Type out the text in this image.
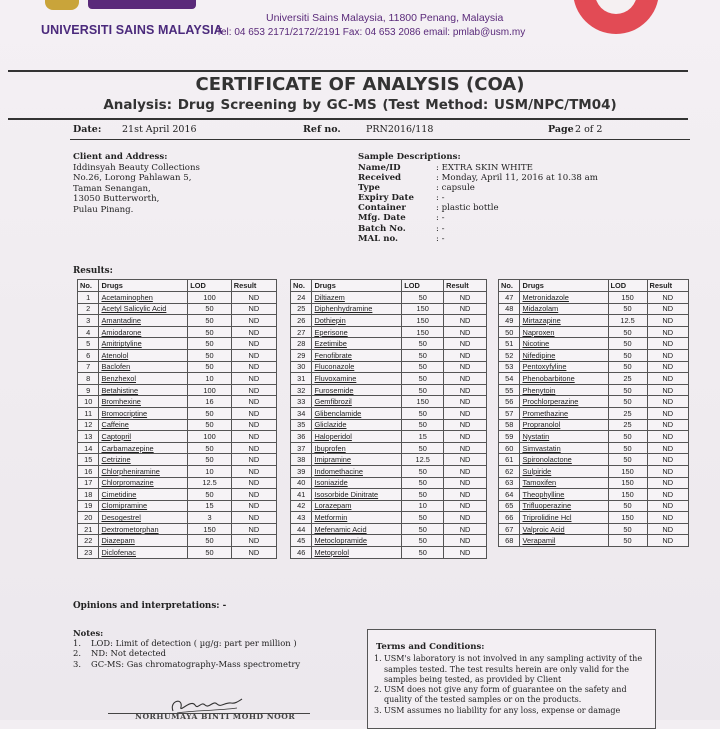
UNIVERSITI SAINS MALAYSIA
Universiti Sains Malaysia, 11800 Penang, Malaysia
Tel: 04 653 2171/2172/2191 Fax: 04 653 2086 email: pmlab@usm.my
CERTIFICATE OF ANALYSIS (COA)
Analysis: Drug Screening by GC-MS (Test Method: USM/NPC/TM04)
Date: 21st April 2016	Ref no.	PRN2016/118	Page 2 of 2
Client and Address:
Iddinsyah Beauty Collections
No.26, Lorong Pahlawan 5,
Taman Senangan,
13050 Butterworth,
Pulau Pinang.
Sample Descriptions:
Name/ID	: EXTRA SKIN WHITE
Received	: Monday, April 11, 2016 at 10.38 am
Type	: capsule
Expiry Date	: -
Container	: plastic bottle
Mfg. Date	: -
Batch No.	: -
MAL no.	: -
Results:
No.	Drugs	LOD	Result
1	Acetaminophen	100	ND
2	Acetyl Salicylic Acid	50	ND
3	Amantadine	50	ND
4	Amiodarone	50	ND
5	Amitriptyline	50	ND
6	Atenolol	50	ND
7	Baclofen	50	ND
8	Benzhexol	10	ND
9	Betahistine	100	ND
10	Bromhexine	16	ND
11	Bromocriptine	50	ND
12	Caffeine	50	ND
13	Captopril	100	ND
14	Carbamazepine	50	ND
15	Cetrizine	50	ND
16	Chlorpheniramine	10	ND
17	Chlorpromazine	12.5	ND
18	Cimetidine	50	ND
19	Clomipramine	15	ND
20	Desogestrel	3	ND
21	Dextrometorphan	150	ND
22	Diazepam	50	ND
23	Diclofenac	50	ND
No.	Drugs	LOD	Result
24	Diltiazem	50	ND
25	Diphenhydramine	150	ND
26	Dothiepin	150	ND
27	Eperisone	150	ND
28	Ezetimibe	50	ND
29	Fenofibrate	50	ND
30	Fluconazole	50	ND
31	Fluvoxamine	50	ND
32	Furosemide	50	ND
33	Gemfibrozil	150	ND
34	Glibenclamide	50	ND
35	Gliclazide	50	ND
36	Haloperidol	15	ND
37	Ibuprofen	50	ND
38	Imipramine	12.5	ND
39	Indomethacine	50	ND
40	Isoniazide	50	ND
41	Isosorbide Dinitrate	50	ND
42	Lorazepam	10	ND
43	Metformin	50	ND
44	Mefenamic Acid	50	ND
45	Metoclopramide	50	ND
46	Metoprolol	50	ND
No.	Drugs	LOD	Result
47	Metronidazole	150	ND
48	Midazolam	50	ND
49	Mirtazapine	12.5	ND
50	Naproxen	50	ND
51	Nicotine	50	ND
52	Nifedipine	50	ND
53	Pentoxyfyline	50	ND
54	Phenobarbitone	25	ND
55	Phenytoin	50	ND
56	Prochlorperazine	50	ND
57	Promethazine	25	ND
58	Propranolol	25	ND
59	Nystatin	50	ND
60	Simvastatin	50	ND
61	Spironolactone	50	ND
62	Sulpiride	150	ND
63	Tamoxifen	150	ND
64	Theophylline	150	ND
65	Trifluoperazine	50	ND
66	Triprolidine Hcl	150	ND
67	Valproic Acid	50	ND
68	Verapamil	50	ND
Opinions and interpretations: -
Notes:
1.	LOD: Limit of detection ( µg/g: part per million )
2.	ND: Not detected
3.	GC-MS: Gas chromatography-Mass spectrometry
Terms and Conditions:
1. USM's laboratory is not involved in any sampling activity of the samples tested. The test results herein are only valid for the samples being tested, as provided by Client
2. USM does not give any form of guarantee on the safety and quality of the tested samples or on the products.
3. USM assumes no liability for any loss, expense or damage
NORHUMAYA BINTI MOHD NOOR
